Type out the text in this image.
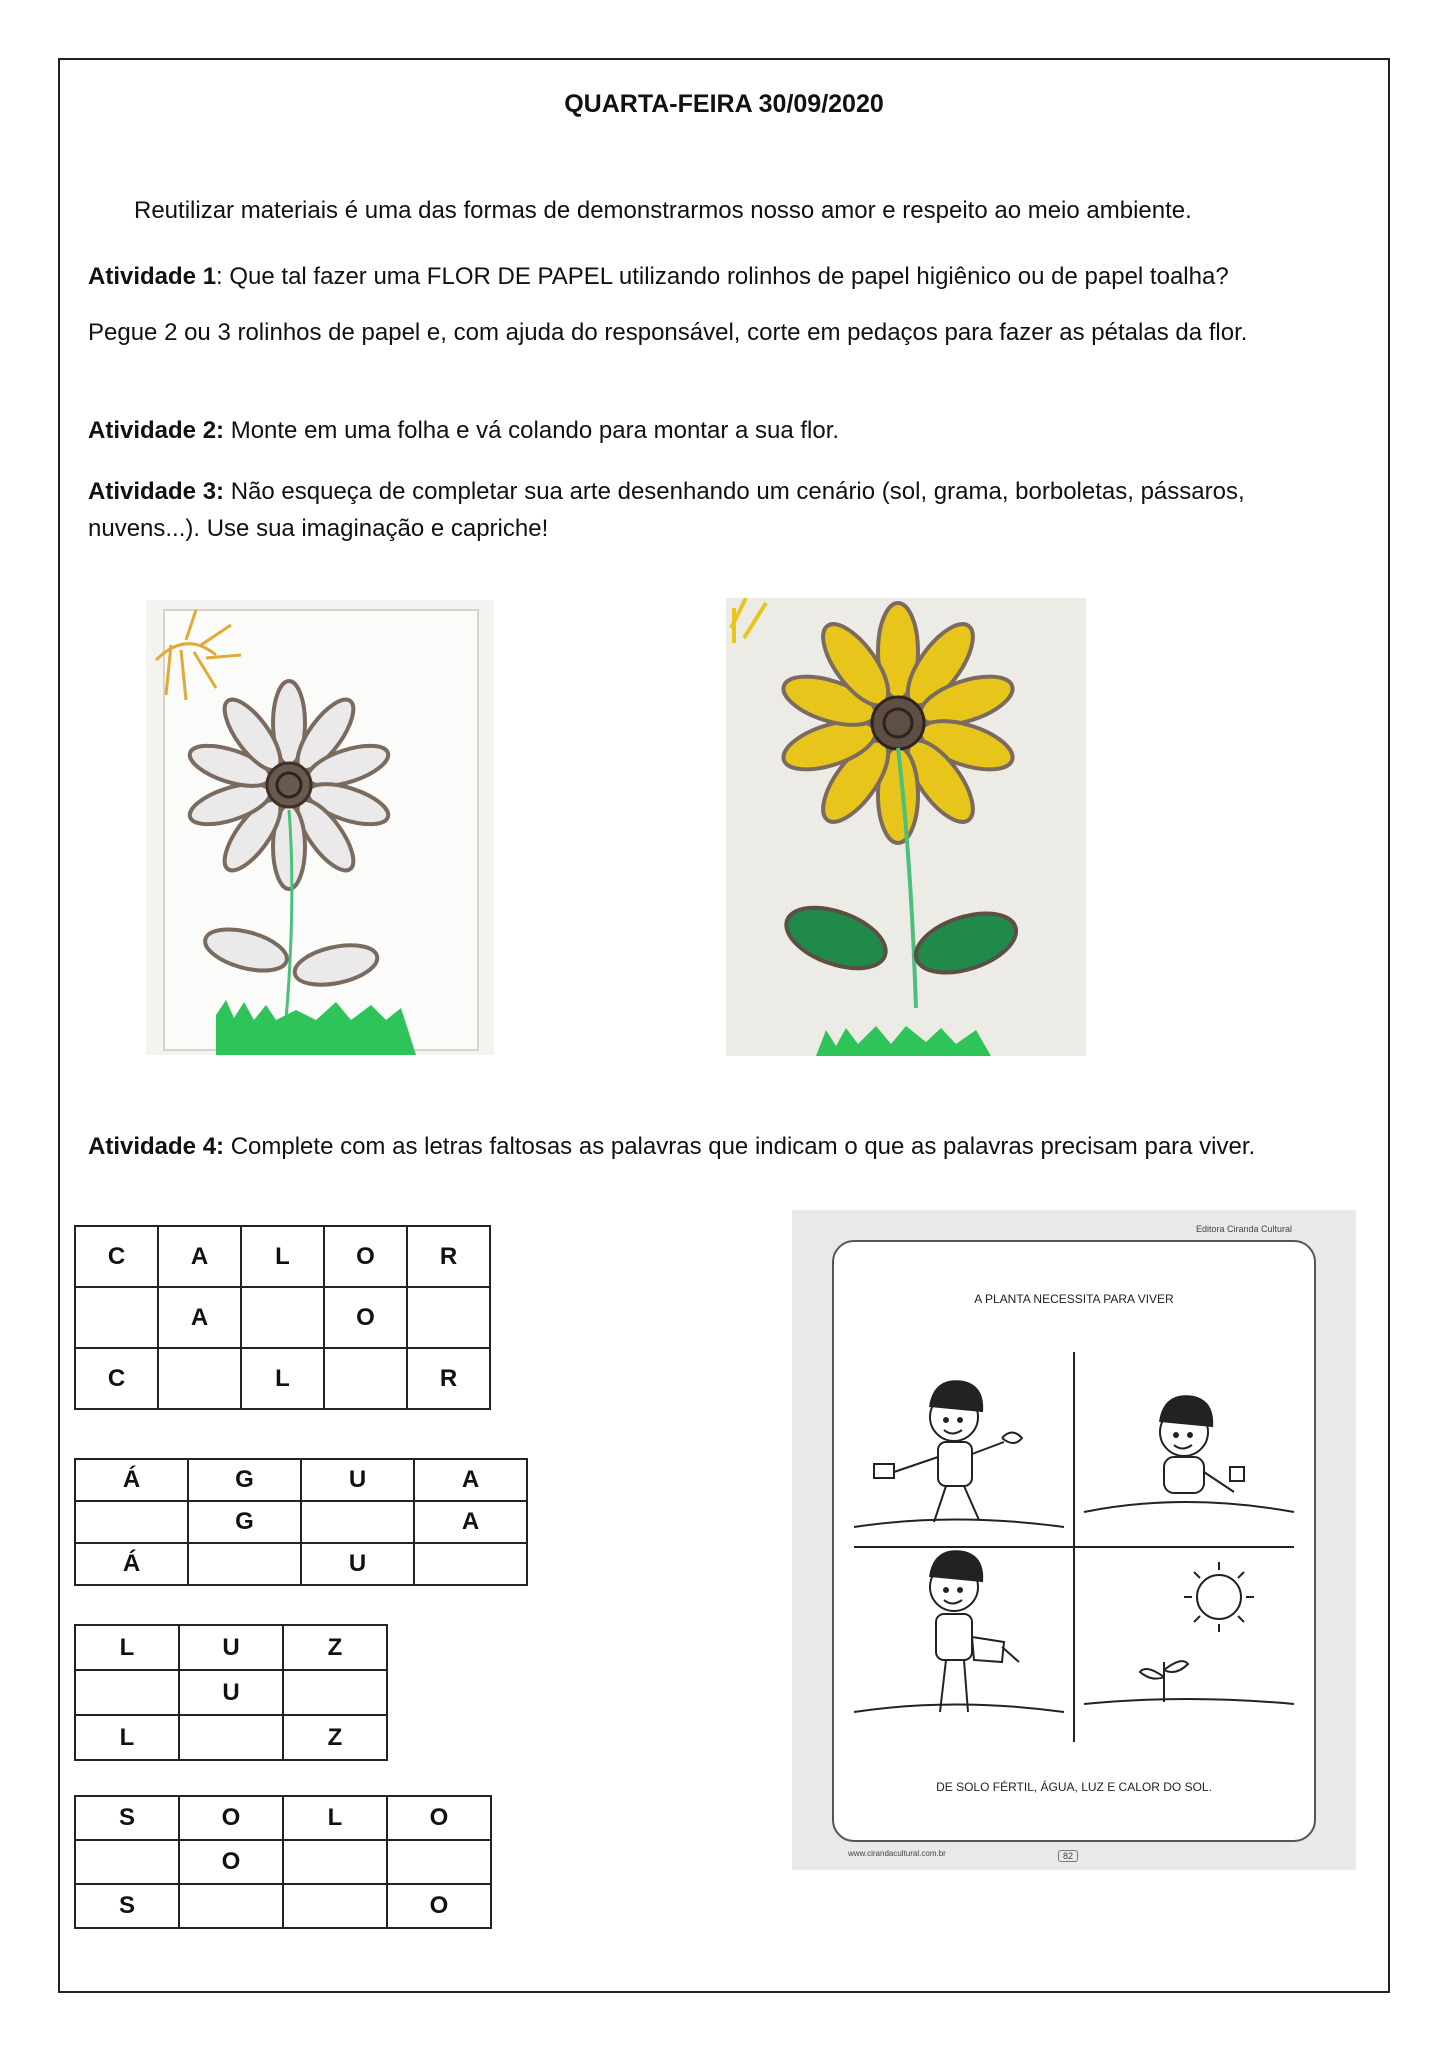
QUARTA-FEIRA 30/09/2020
Reutilizar materiais é uma das formas de demonstrarmos nosso amor e respeito ao meio ambiente.
Atividade 1: Que tal fazer uma FLOR DE PAPEL utilizando rolinhos de papel higiênico ou de papel toalha?
Pegue 2 ou 3 rolinhos de papel e, com ajuda do responsável, corte em pedaços para fazer as pétalas da flor.
Atividade 2: Monte em uma folha e vá colando para montar a sua flor.
Atividade 3: Não esqueça de completar sua arte desenhando um cenário (sol, grama, borboletas, pássaros, nuvens...). Use sua imaginação e capriche!
Atividade 4: Complete com as letras faltosas as palavras que indicam o que as palavras precisam para viver.
C	A	L	O	R
	A		O	
C		L		R
Á	G	U	A
	G		A
Á		U	
L	U	Z
	U	
L		Z
S	O	L	O
	O		
S			O
Editora Ciranda Cultural
A PLANTA NECESSITA PARA VIVER
DE SOLO FÉRTIL, ÁGUA, LUZ E CALOR DO SOL.
www.cirandacultural.com.br	82
